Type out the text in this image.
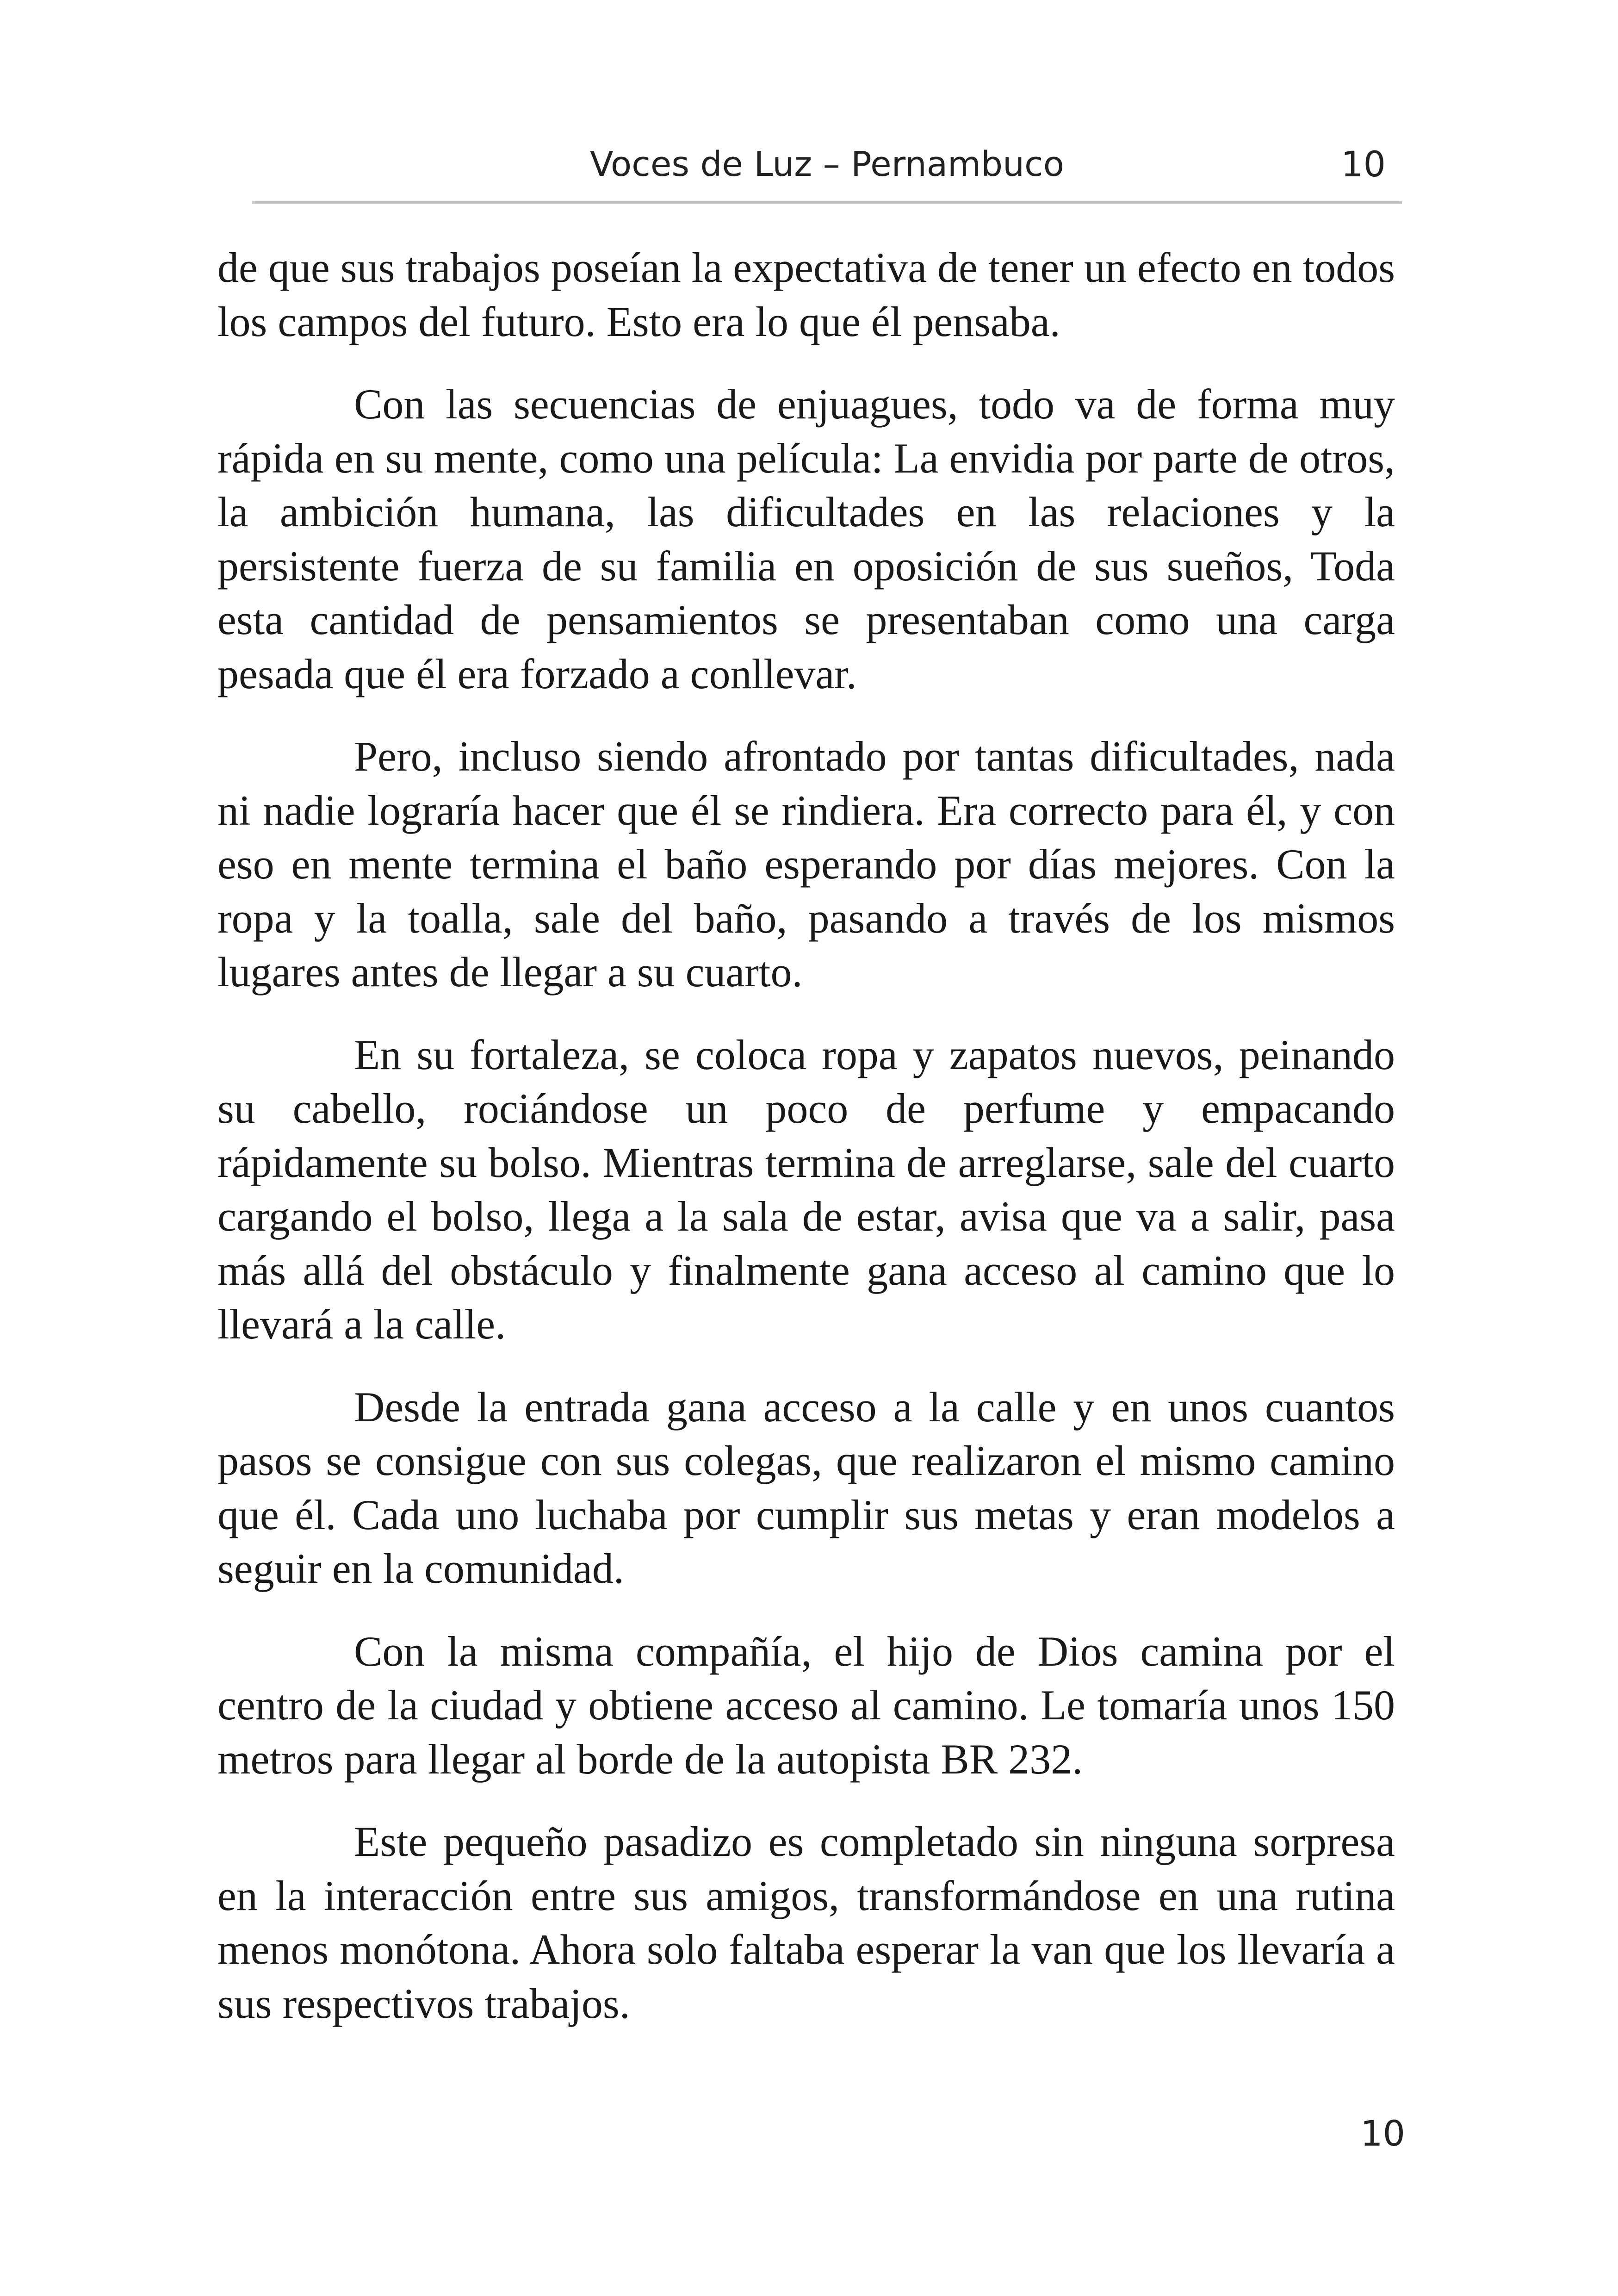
Voces de Luz – Pernambuco	10

de que sus trabajos poseían la expectativa de tener un efecto en todos los campos del futuro. Esto era lo que él pensaba.

Con las secuencias de enjuagues, todo va de forma muy rápida en su mente, como una película: La envidia por parte de otros, la ambición humana, las dificultades en las relaciones y la persistente fuerza de su familia en oposición de sus sueños, Toda esta cantidad de pensamientos se presentaban como una carga pesada que él era forzado a conllevar.

Pero, incluso siendo afrontado por tantas dificultades, nada ni nadie lograría hacer que él se rindiera. Era correcto para él, y con eso en mente termina el baño esperando por días mejores. Con la ropa y la toalla, sale del baño, pasando a través de los mismos lugares antes de llegar a su cuarto.

En su fortaleza, se coloca ropa y zapatos nuevos, peinando su cabello, rociándose un poco de perfume y empacando rápidamente su bolso. Mientras termina de arreglarse, sale del cuarto cargando el bolso, llega a la sala de estar, avisa que va a salir, pasa más allá del obstáculo y finalmente gana acceso al camino que lo llevará a la calle.

Desde la entrada gana acceso a la calle y en unos cuantos pasos se consigue con sus colegas, que realizaron el mismo camino que él. Cada uno luchaba por cumplir sus metas y eran modelos a seguir en la comunidad.

Con la misma compañía, el hijo de Dios camina por el centro de la ciudad y obtiene acceso al camino. Le tomaría unos 150 metros para llegar al borde de la autopista BR 232.

Este pequeño pasadizo es completado sin ninguna sorpresa en la interacción entre sus amigos, transformándose en una rutina menos monótona. Ahora solo faltaba esperar la van que los llevaría a sus respectivos trabajos.

10
